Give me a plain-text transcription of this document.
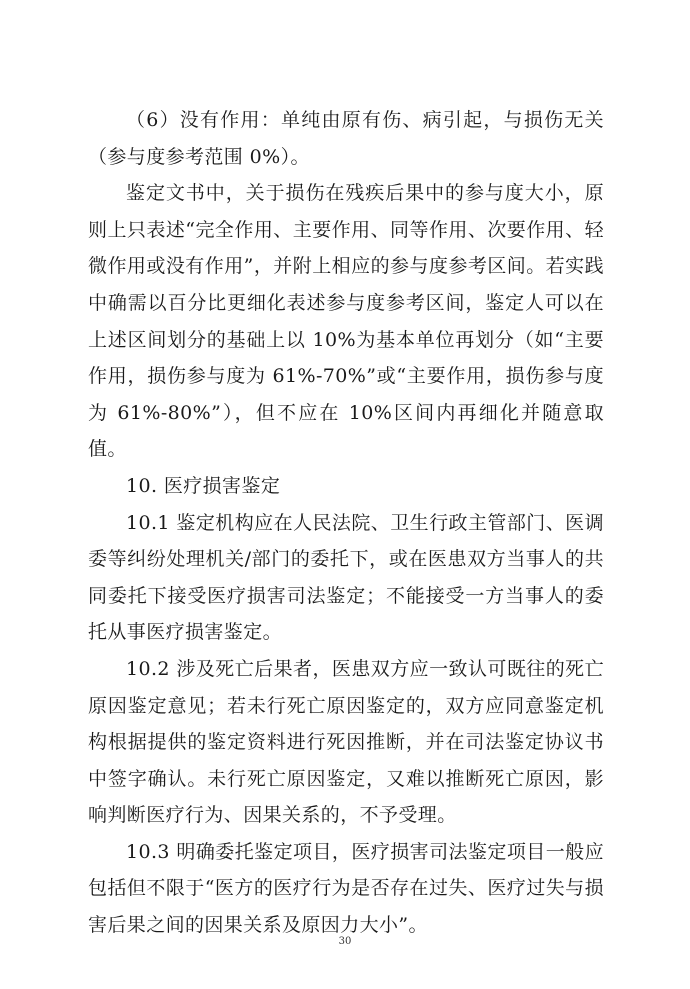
（6）没有作用：单纯由原有伤、病引起，与损伤无关（参与度参考范围 0%）。

鉴定文书中，关于损伤在残疾后果中的参与度大小，原则上只表述“完全作用、主要作用、同等作用、次要作用、轻微作用或没有作用”，并附上相应的参与度参考区间。若实践中确需以百分比更细化表述参与度参考区间，鉴定人可以在上述区间划分的基础上以 10%为基本单位再划分（如“主要作用，损伤参与度为 61%-70%”或“主要作用，损伤参与度为 61%-80%”），但不应在 10%区间内再细化并随意取值。

10. 医疗损害鉴定

10.1 鉴定机构应在人民法院、卫生行政主管部门、医调委等纠纷处理机关/部门的委托下，或在医患双方当事人的共同委托下接受医疗损害司法鉴定；不能接受一方当事人的委托从事医疗损害鉴定。

10.2 涉及死亡后果者，医患双方应一致认可既往的死亡原因鉴定意见；若未行死亡原因鉴定的，双方应同意鉴定机构根据提供的鉴定资料进行死因推断，并在司法鉴定协议书中签字确认。未行死亡原因鉴定，又难以推断死亡原因，影响判断医疗行为、因果关系的，不予受理。

10.3 明确委托鉴定项目，医疗损害司法鉴定项目一般应包括但不限于“医方的医疗行为是否存在过失、医疗过失与损害后果之间的因果关系及原因力大小”。

30
